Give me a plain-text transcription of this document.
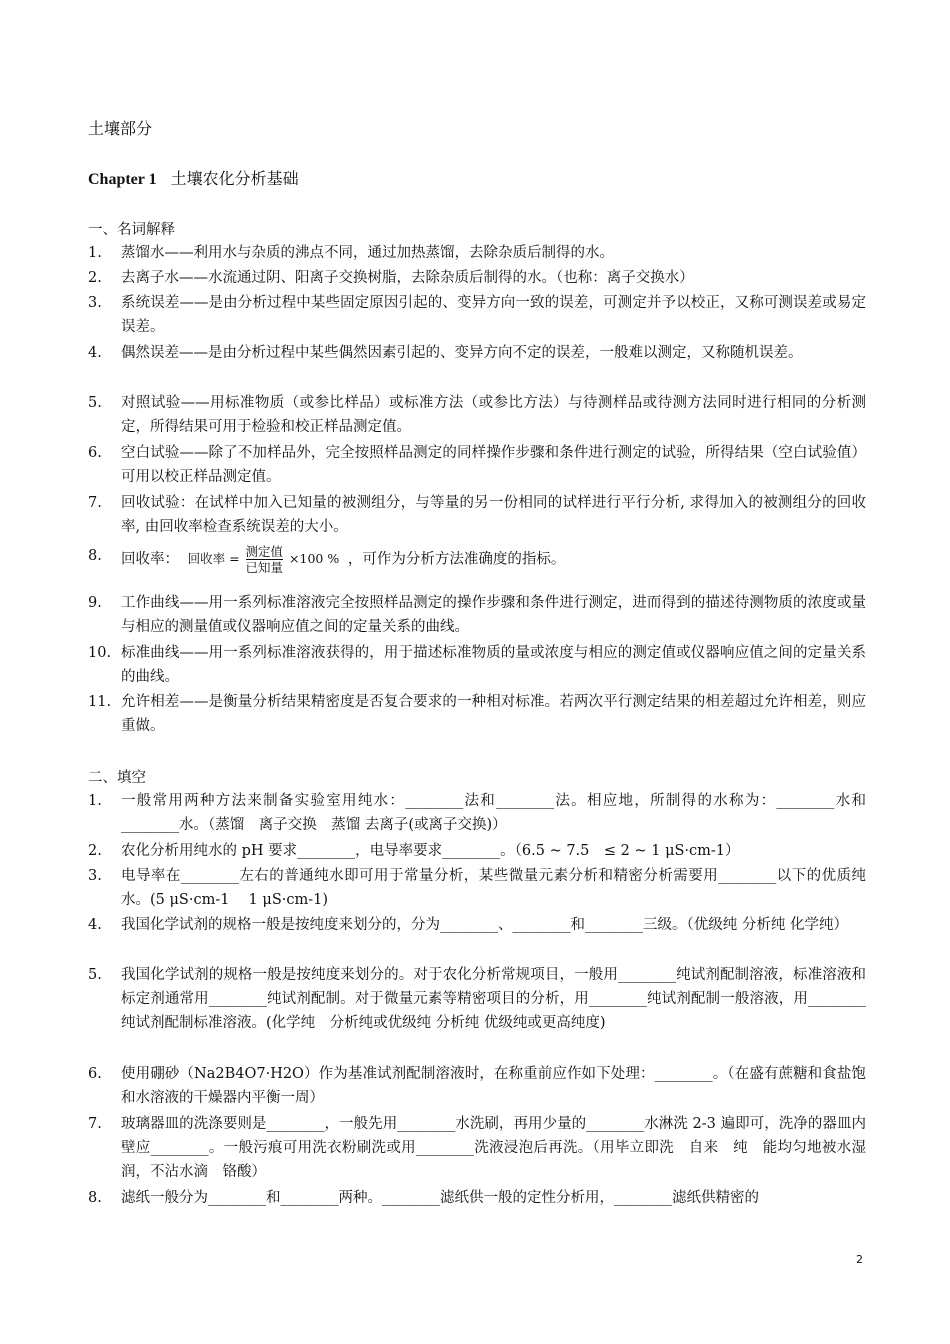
土壤部分
Chapter 1 土壤农化分析基础
一、名词解释
1.	蒸馏水——利用水与杂质的沸点不同，通过加热蒸馏，去除杂质后制得的水。
2.	去离子水——水流通过阴、阳离子交换树脂，去除杂质后制得的水。（也称：离子交换水）
3.	系统误差——是由分析过程中某些固定原因引起的、变异方向一致的误差，可测定并予以校正，又称可测误差或易定误差。
4.	偶然误差——是由分析过程中某些偶然因素引起的、变异方向不定的误差，一般难以测定，又称随机误差。
5.	对照试验——用标准物质（或参比样品）或标准方法（或参比方法）与待测样品或待测方法同时进行相同的分析测定，所得结果可用于检验和校正样品测定值。
6.	空白试验——除了不加样品外，完全按照样品测定的同样操作步骤和条件进行测定的试验，所得结果（空白试验值）可用以校正样品测定值。
7.	回收试验：在试样中加入已知量的被测组分，与等量的另一份相同的试样进行平行分析, 求得加入的被测组分的回收率, 由回收率检查系统误差的大小。
8.	回收率： 回收率 = $\frac{\text{测定值}}{\text{已知量}} \times 100$ % ，可作为分析方法准确度的指标。
9.	工作曲线——用一系列标准溶液完全按照样品测定的操作步骤和条件进行测定，进而得到的描述待测物质的浓度或量与相应的测量值或仪器响应值之间的定量关系的曲线。
10. 标准曲线——用一系列标准溶液获得的，用于描述标准物质的量或浓度与相应的测定值或仪器响应值之间的定量关系的曲线。
11. 允许相差——是衡量分析结果精密度是否复合要求的一种相对标准。若两次平行测定结果的相差超过允许相差，则应重做。
二、填空
1.	一般常用两种方法来制备实验室用纯水：________法和________法。相应地，所制得的水称为：________水和________水。（蒸馏　离子交换　蒸馏 去离子(或离子交换)）
2.	农化分析用纯水的 pH 要求________，电导率要求________。（6.5 ~ 7.5　≤ 2 ~ 1 μS·cm-1）
3.	电导率在________左右的普通纯水即可用于常量分析，某些微量元素分析和精密分析需要用________以下的优质纯水。(5 μS·cm-1　 1 μS·cm-1)
4.	我国化学试剂的规格一般是按纯度来划分的，分为________、________和________三级。（优级纯 分析纯 化学纯）
5.	我国化学试剂的规格一般是按纯度来划分的。对于农化分析常规项目，一般用________纯试剂配制溶液，标准溶液和标定剂通常用________纯试剂配制。对于微量元素等精密项目的分析，用________纯试剂配制一般溶液，用________纯试剂配制标准溶液。(化学纯　分析纯或优级纯 分析纯 优级纯或更高纯度)
6.	使用硼砂（Na2B4O7·H2O）作为基准试剂配制溶液时，在称重前应作如下处理：________。（在盛有蔗糖和食盐饱和水溶液的干燥器内平衡一周）
7.	玻璃器皿的洗涤要则是________，一般先用________水洗刷，再用少量的________水淋洗 2-3 遍即可，洗净的器皿内壁应________。一般污痕可用洗衣粉刷洗或用________洗液浸泡后再洗。（用毕立即洗　自来　纯　能均匀地被水湿润，不沾水滴　铬酸）
8.	滤纸一般分为________和________两种。________滤纸供一般的定性分析用，________滤纸供精密的
2
